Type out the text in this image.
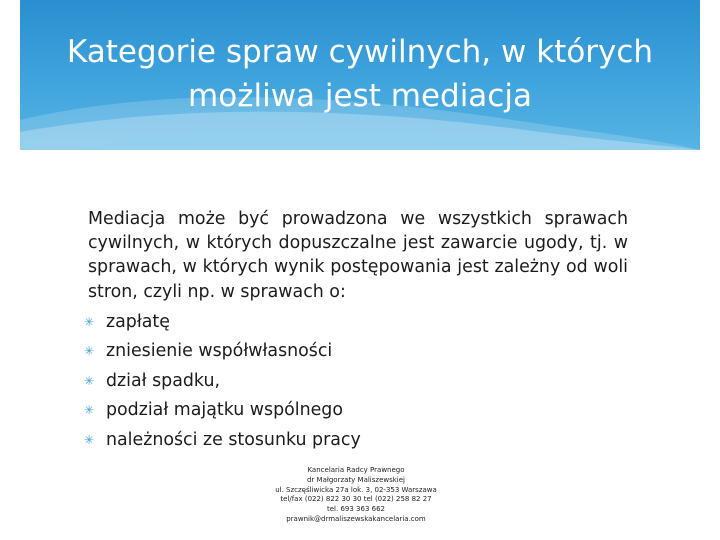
Kategorie spraw cywilnych, w których możliwa jest mediacja

Mediacja może być prowadzona we wszystkich sprawach cywilnych, w których dopuszczalne jest zawarcie ugody, tj. w sprawach, w których wynik postępowania jest zależny od woli stron, czyli np. w sprawach o:

✳ zapłatę
✳ zniesienie współwłasności
✳ dział spadku,
✳ podział majątku wspólnego
✳ należności ze stosunku pracy
Kancelaria Radcy Prawnego
dr Małgorzaty Maliszewskiej
ul. Szczęśliwicka 27a lok. 3, 02-353 Warszawa
tel/fax (022) 822 30 30 tel (022) 258 82 27
tel. 693 363 662
prawnik@drmaliszewskakancelaria.com
